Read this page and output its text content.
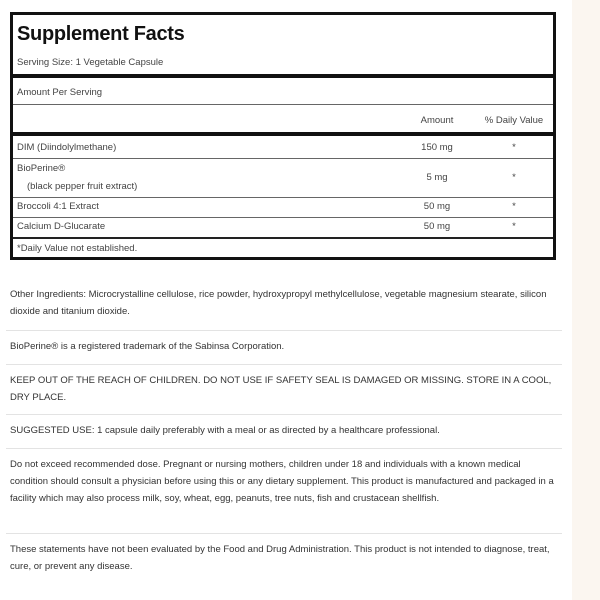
Supplement Facts
Serving Size: 1 Vegetable Capsule
Amount Per Serving
Amount	% Daily Value
DIM (Diindolylmethane)	150 mg	*
BioPerine®
(black pepper fruit extract)
5 mg	*
Broccoli 4:1 Extract	50 mg	*
Calcium D-Glucarate	50 mg	*
*Daily Value not established.
Other Ingredients: Microcrystalline cellulose, rice powder, hydroxypropyl methylcellulose, vegetable magnesium stearate, silicon dioxide and titanium dioxide.
BioPerine® is a registered trademark of the Sabinsa Corporation.
KEEP OUT OF THE REACH OF CHILDREN. DO NOT USE IF SAFETY SEAL IS DAMAGED OR MISSING. STORE IN A COOL, DRY PLACE.
SUGGESTED USE: 1 capsule daily preferably with a meal or as directed by a healthcare professional.
Do not exceed recommended dose. Pregnant or nursing mothers, children under 18 and individuals with a known medical condition should consult a physician before using this or any dietary supplement. This product is manufactured and packaged in a facility which may also process milk, soy, wheat, egg, peanuts, tree nuts, fish and crustacean shellfish.
These statements have not been evaluated by the Food and Drug Administration. This product is not intended to diagnose, treat, cure, or prevent any disease.
